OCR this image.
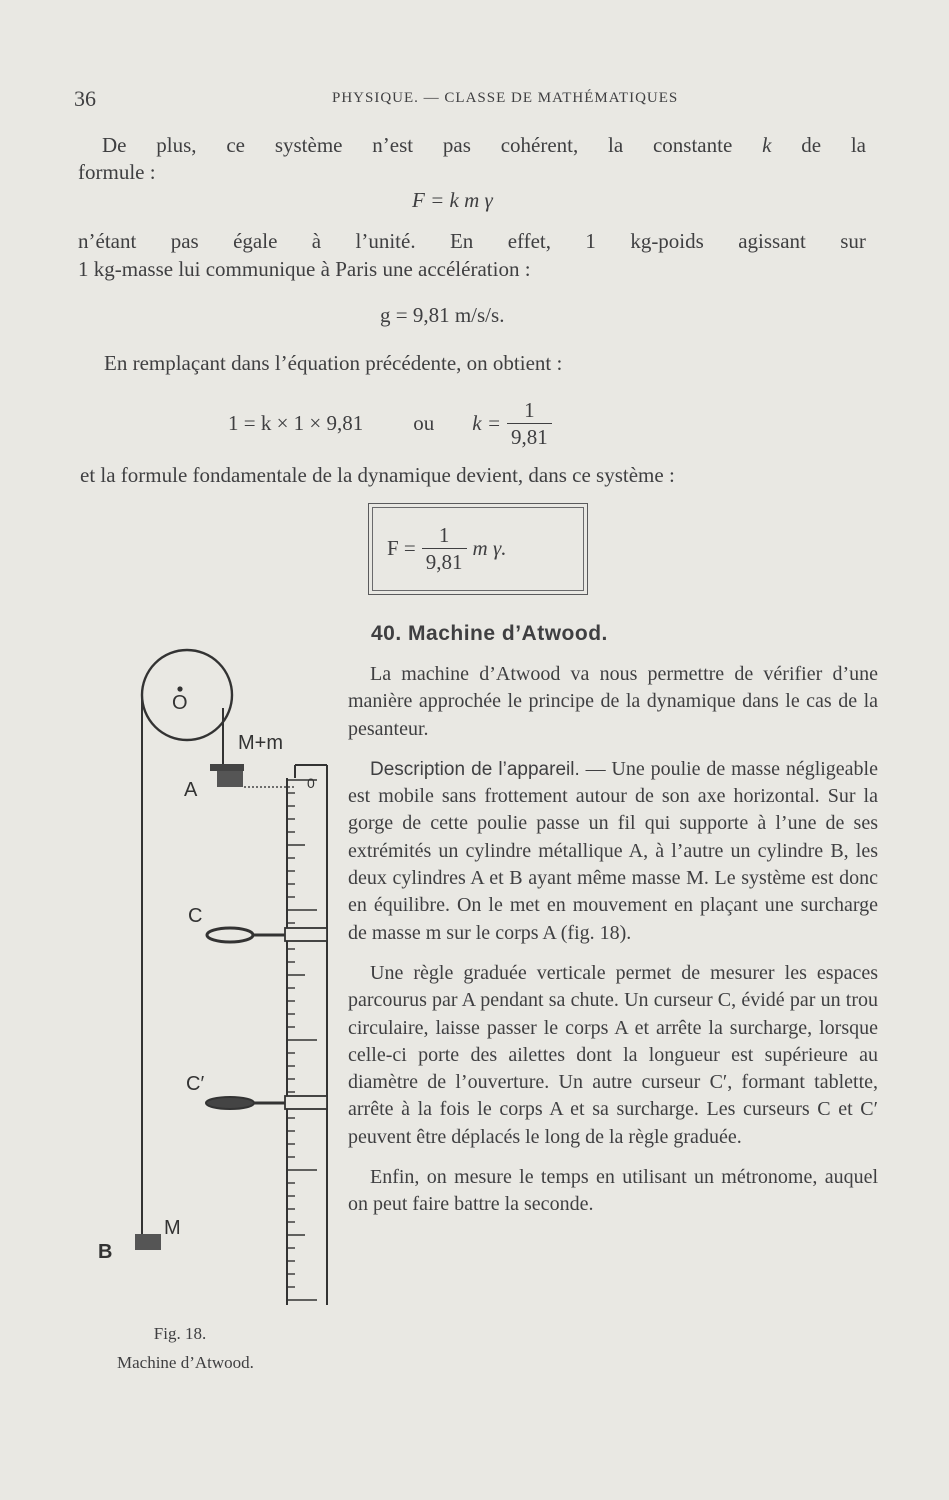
36	PHYSIQUE. — CLASSE DE MATHÉMATIQUES
De plus, ce système n’est pas cohérent, la constante k de la
formule :
F = k m γ
n’étant pas égale à l’unité. En effet, 1 kg-poids agissant sur
1 kg-masse lui communique à Paris une accélération :
g = 9,81 m/s/s.
En remplaçant dans l’équation précédente, on obtient :
1 = k × 1 × 9,81 ou $k = \frac{1}{9,81}$
et la formule fondamentale de la dynamique devient, dans ce système :
$F = \frac{1}{9,81}$ m γ.
O
M+m
A
M
B
0
C
C′
Fig. 18.
Machine d’Atwood.
40. Machine d’Atwood.

La machine d’Atwood va nous permettre de vérifier d’une manière approchée le principe de la dynamique dans le cas de la pesanteur.

Description de l’appareil. — Une poulie de masse négligeable est mobile sans frottement autour de son axe horizontal. Sur la gorge de cette poulie passe un fil qui supporte à l’une de ses extrémités un cylindre métallique A, à l’autre un cylindre B, les deux cylindres A et B ayant même masse M. Le système est donc en équilibre. On le met en mouvement en plaçant une surcharge de masse m sur le corps A (fig. 18).

Une règle graduée verticale permet de mesurer les espaces parcourus par A pendant sa chute. Un curseur C, évidé par un trou circulaire, laisse passer le corps A et arrête la surcharge, lorsque celle-ci porte des ailettes dont la longueur est supérieure au diamètre de l’ouverture. Un autre curseur C′, formant tablette, arrête à la fois le corps A et sa surcharge. Les curseurs C et C′ peuvent être déplacés le long de la règle graduée.

Enfin, on mesure le temps en utilisant un métronome, auquel on peut faire battre la seconde.
